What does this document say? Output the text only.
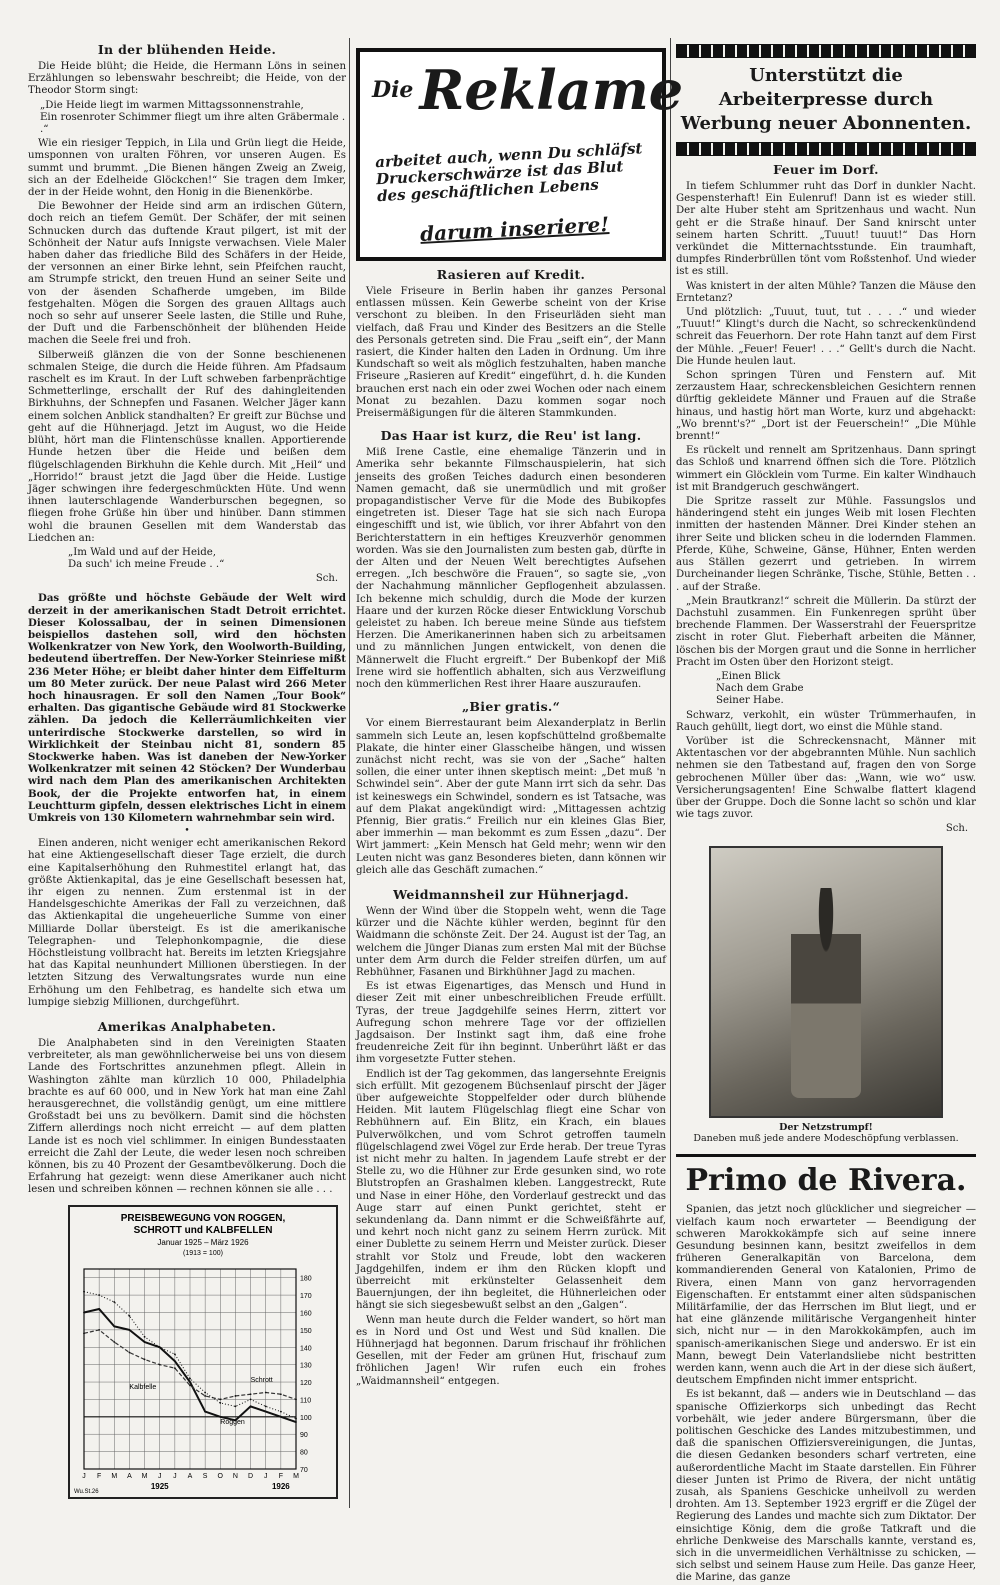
In der blühenden Heide.

Die Heide blüht; die Heide, die Hermann Löns in seinen Erzählungen so lebenswahr beschreibt; die Heide, von der Theodor Storm singt:

„Die Heide liegt im warmen Mittagssonnenstrahle,
Ein rosenroter Schimmer fliegt um ihre alten Gräbermale . .“

Wie ein riesiger Teppich, in Lila und Grün liegt die Heide, umsponnen von uralten Föhren, vor unseren Augen. Es summt und brummt. „Die Bienen hängen Zweig an Zweig, sich an der Edelheide Glöckchen!“ Sie tragen dem Imker, der in der Heide wohnt, den Honig in die Bienenkörbe.

Die Bewohner der Heide sind arm an irdischen Gütern, doch reich an tiefem Gemüt. Der Schäfer, der mit seinen Schnucken durch das duftende Kraut pilgert, ist mit der Schönheit der Natur aufs Innigste verwachsen. Viele Maler haben daher das friedliche Bild des Schäfers in der Heide, der versonnen an einer Birke lehnt, sein Pfeifchen raucht, am Strumpfe strickt, den treuen Hund an seiner Seite und von der äsenden Schafherde umgeben, im Bilde festgehalten. Mögen die Sorgen des grauen Alltags auch noch so sehr auf unserer Seele lasten, die Stille und Ruhe, der Duft und die Farbenschönheit der blühenden Heide machen die Seele frei und froh.

Silberweiß glänzen die von der Sonne beschienenen schmalen Steige, die durch die Heide führen. Am Pfadsaum raschelt es im Kraut. In der Luft schweben farbenprächtige Schmetterlinge, erschallt der Ruf des dahingleitenden Birkhuhns, der Schnepfen und Fasanen. Welcher Jäger kann einem solchen Anblick standhalten? Er greift zur Büchse und geht auf die Hühnerjagd. Jetzt im August, wo die Heide blüht, hört man die Flintenschüsse knallen. Apportierende Hunde hetzen über die Heide und beißen dem flügelschlagenden Birkhuhn die Kehle durch. Mit „Heil“ und „Horrido!“ braust jetzt die Jagd über die Heide. Lustige Jäger schwingen ihre federgeschmückten Hüte. Und wenn ihnen lauterschlagende Wanderburschen begegnen, so fliegen frohe Grüße hin über und hinüber. Dann stimmen wohl die braunen Gesellen mit dem Wanderstab das Liedchen an:

„Im Wald und auf der Heide,
Da such' ich meine Freude . .“
Sch.

Das größte und höchste Gebäude der Welt wird derzeit in der amerikanischen Stadt Detroit errichtet. Dieser Kolossalbau, der in seinen Dimensionen beispiellos dastehen soll, wird den höchsten Wolkenkratzer von New York, den Woolworth-Building, bedeutend übertreffen. Der New-Yorker Steinriese mißt 236 Meter Höhe; er bleibt daher hinter dem Eiffelturm um 80 Meter zurück. Der neue Palast wird 266 Meter hoch hinausragen. Er soll den Namen „Tour Book“ erhalten. Das gigantische Gebäude wird 81 Stockwerke zählen. Da jedoch die Kellerräumlichkeiten vier unterirdische Stockwerke darstellen, so wird in Wirklichkeit der Steinbau nicht 81, sondern 85 Stockwerke haben. Was ist daneben der New-Yorker Wolkenkratzer mit seinen 42 Stöcken? Der Wunderbau wird nach dem Plan des amerikanischen Architekten Book, der die Projekte entworfen hat, in einem Leuchtturm gipfeln, dessen elektrisches Licht in einem Umkreis von 130 Kilometern wahrnehmbar sein wird.

•

Einen anderen, nicht weniger echt amerikanischen Rekord hat eine Aktiengesellschaft dieser Tage erzielt, die durch eine Kapitalserhöhung den Ruhmestitel erlangt hat, das größte Aktienkapital, das je eine Gesellschaft besessen hat, ihr eigen zu nennen. Zum erstenmal ist in der Handelsgeschichte Amerikas der Fall zu verzeichnen, daß das Aktienkapital die ungeheuerliche Summe von einer Milliarde Dollar übersteigt. Es ist die amerikanische Telegraphen- und Telephonkompagnie, die diese Höchstleistung vollbracht hat. Bereits im letzten Kriegsjahre hat das Kapital neunhundert Millionen überstiegen. In der letzten Sitzung des Verwaltungsrates wurde nun eine Erhöhung um den Fehlbetrag, es handelte sich etwa um lumpige siebzig Millionen, durchgeführt.

Amerikas Analphabeten.

Die Analphabeten sind in den Vereinigten Staaten verbreiteter, als man gewöhnlicherweise bei uns von diesem Lande des Fortschrittes anzunehmen pflegt. Allein in Washington zählte man kürzlich 10 000, Philadelphia brachte es auf 60 000, und in New York hat man eine Zahl herausgerechnet, die vollständig genügt, um eine mittlere Großstadt bei uns zu bevölkern. Damit sind die höchsten Ziffern allerdings noch nicht erreicht — auf dem platten Lande ist es noch viel schlimmer. In einigen Bundesstaaten erreicht die Zahl der Leute, die weder lesen noch schreiben können, bis zu 40 Prozent der Gesamtbevölkerung. Doch die Erfahrung hat gezeigt: wenn diese Amerikaner auch nicht lesen und schreiben können — rechnen können sie alle . . .

PREISBEWEGUNG VON ROGGEN,
SCHROTT und KALBFELLEN
Januar 1925 – März 1926
(1913 = 100)
70
80
90
100
110
120
130
140
150
160
170
180
J F M A M J J A S O N D J F M
1925	1926
Wu.St.26
Schrott
Kalbfelle
Roggen
$^{Die}$ Reklame
arbeitet auch, wenn Du schläfst Druckerschwärze ist das Blut des geschäftlichen Lebens
darum inseriere!
Rasieren auf Kredit.

Viele Friseure in Berlin haben ihr ganzes Personal entlassen müssen. Kein Gewerbe scheint von der Krise verschont zu bleiben. In den Friseurläden sieht man vielfach, daß Frau und Kinder des Besitzers an die Stelle des Personals getreten sind. Die Frau „seift ein“, der Mann rasiert, die Kinder halten den Laden in Ordnung. Um ihre Kundschaft so weit als möglich festzuhalten, haben manche Friseure „Rasieren auf Kredit“ eingeführt, d. h. die Kunden brauchen erst nach ein oder zwei Wochen oder nach einem Monat zu bezahlen. Dazu kommen sogar noch Preisermäßigungen für die älteren Stammkunden.

Das Haar ist kurz, die Reu' ist lang.

Miß Irene Castle, eine ehemalige Tänzerin und in Amerika sehr bekannte Filmschauspielerin, hat sich jenseits des großen Teiches dadurch einen besonderen Namen gemacht, daß sie unermüdlich und mit großer propagandistischer Verve für die Mode des Bubikopfes eingetreten ist. Dieser Tage hat sie sich nach Europa eingeschifft und ist, wie üblich, vor ihrer Abfahrt von den Berichterstattern in ein heftiges Kreuzverhör genommen worden. Was sie den Journalisten zum besten gab, dürfte in der Alten und der Neuen Welt berechtigtes Aufsehen erregen. „Ich beschwöre die Frauen“, so sagte sie, „von der Nachahmung männlicher Gepflogenheit abzulassen. Ich bekenne mich schuldig, durch die Mode der kurzen Haare und der kurzen Röcke dieser Entwicklung Vorschub geleistet zu haben. Ich bereue meine Sünde aus tiefstem Herzen. Die Amerikanerinnen haben sich zu arbeitsamen und zu männlichen Jungen entwickelt, von denen die Männerwelt die Flucht ergreift.“ Der Bubenkopf der Miß Irene wird sie hoffentlich abhalten, sich aus Verzweiflung noch den kümmerlichen Rest ihrer Haare auszuraufen.

„Bier gratis.“

Vor einem Bierrestaurant beim Alexanderplatz in Berlin sammeln sich Leute an, lesen kopfschüttelnd großbemalte Plakate, die hinter einer Glasscheibe hängen, und wissen zunächst nicht recht, was sie von der „Sache“ halten sollen, die einer unter ihnen skeptisch meint: „Det muß 'n Schwindel sein“. Aber der gute Mann irrt sich da sehr. Das ist keineswegs ein Schwindel, sondern es ist Tatsache, was auf dem Plakat angekündigt wird: „Mittagessen achtzig Pfennig, Bier gratis.“ Freilich nur ein kleines Glas Bier, aber immerhin — man bekommt es zum Essen „dazu“. Der Wirt jammert: „Kein Mensch hat Geld mehr; wenn wir den Leuten nicht was ganz Besonderes bieten, dann können wir gleich alle das Geschäft zumachen.“

Weidmannsheil zur Hühnerjagd.

Wenn der Wind über die Stoppeln weht, wenn die Tage kürzer und die Nächte kühler werden, beginnt für den Waidmann die schönste Zeit. Der 24. August ist der Tag, an welchem die Jünger Dianas zum ersten Mal mit der Büchse unter dem Arm durch die Felder streifen dürfen, um auf Rebhühner, Fasanen und Birkhühner Jagd zu machen.

Es ist etwas Eigenartiges, das Mensch und Hund in dieser Zeit mit einer unbeschreiblichen Freude erfüllt. Tyras, der treue Jagdgehilfe seines Herrn, zittert vor Aufregung schon mehrere Tage vor der offiziellen Jagdsaison. Der Instinkt sagt ihm, daß eine frohe freudenreiche Zeit für ihn beginnt. Unberührt läßt er das ihm vorgesetzte Futter stehen.

Endlich ist der Tag gekommen, das langersehnte Ereignis sich erfüllt. Mit gezogenem Büchsenlauf pirscht der Jäger über aufgeweichte Stoppelfelder oder durch blühende Heiden. Mit lautem Flügelschlag fliegt eine Schar von Rebhühnern auf. Ein Blitz, ein Krach, ein blaues Pulverwölkchen, und vom Schrot getroffen taumeln flügelschlagend zwei Vögel zur Erde herab. Der treue Tyras ist nicht mehr zu halten. In jagendem Laufe strebt er der Stelle zu, wo die Hühner zur Erde gesunken sind, wo rote Blutstropfen an Grashalmen kleben. Langgestreckt, Rute und Nase in einer Höhe, den Vorderlauf gestreckt und das Auge starr auf einen Punkt gerichtet, steht er sekundenlang da. Dann nimmt er die Schweißfährte auf, und kehrt noch nicht ganz zu seinem Herrn zurück. Mit einer Dublette zu seinem Herrn und Meister zurück. Dieser strahlt vor Stolz und Freude, lobt den wackeren Jagdgehilfen, indem er ihm den Rücken klopft und überreicht mit erkünstelter Gelassenheit dem Bauernjungen, der ihn begleitet, die Hühnerleichen oder hängt sie sich siegesbewußt selbst an den „Galgen“.

Wenn man heute durch die Felder wandert, so hört man es in Nord und Ost und West und Süd knallen. Die Hühnerjagd hat begonnen. Darum frischauf ihr fröhlichen Gesellen, mit der Feder am grünen Hut, frischauf zum fröhlichen Jagen! Wir rufen euch ein frohes „Waidmannsheil“ entgegen.

Unterstützt die Arbeiterpresse durch Werbung neuer Abonnenten.
Feuer im Dorf.

In tiefem Schlummer ruht das Dorf in dunkler Nacht. Gespensterhaft! Ein Eulenruf! Dann ist es wieder still. Der alte Huber steht am Spritzenhaus und wacht. Nun geht er die Straße hinauf. Der Sand knirscht unter seinem harten Schritt. „Tuuut! tuuut!“ Das Horn verkündet die Mitternachtsstunde. Ein traumhaft, dumpfes Rinderbrüllen tönt vom Roßstenhof. Und wieder ist es still.

Was knistert in der alten Mühle? Tanzen die Mäuse den Erntetanz?

Und plötzlich: „Tuuut, tuut, tut . . . .“ und wieder „Tuuut!“ Klingt's durch die Nacht, so schreckenkündend schreit das Feuerhorn. Der rote Hahn tanzt auf dem First der Mühle. „Feuer! Feuer! . . .“ Gellt's durch die Nacht. Die Hunde heulen laut.

Schon springen Türen und Fenstern auf. Mit zerzaustem Haar, schreckensbleichen Gesichtern rennen dürftig gekleidete Männer und Frauen auf die Straße hinaus, und hastig hört man Worte, kurz und abgehackt: „Wo brennt's?“ „Dort ist der Feuerschein!“ „Die Mühle brennt!“

Es rückelt und rennelt am Spritzenhaus. Dann springt das Schloß und knarrend öffnen sich die Tore. Plötzlich wimmert ein Glöcklein vom Turme. Ein kalter Windhauch ist mit Brandgeruch geschwängert.

Die Spritze rasselt zur Mühle. Fassungslos und händeringend steht ein junges Weib mit losen Flechten inmitten der hastenden Männer. Drei Kinder stehen an ihrer Seite und blicken scheu in die lodernden Flammen. Pferde, Kühe, Schweine, Gänse, Hühner, Enten werden aus Ställen gezerrt und getrieben. In wirrem Durcheinander liegen Schränke, Tische, Stühle, Betten . . . auf der Straße.

„Mein Brautkranz!“ schreit die Müllerin. Da stürzt der Dachstuhl zusammen. Ein Funkenregen sprüht über brechende Flammen. Der Wasserstrahl der Feuerspritze zischt in roter Glut. Fieberhaft arbeiten die Männer, löschen bis der Morgen graut und die Sonne in herrlicher Pracht im Osten über den Horizont steigt.

„Einen Blick
Nach dem Grabe
Seiner Habe.

Schwarz, verkohlt, ein wüster Trümmerhaufen, in Rauch gehüllt, liegt dort, wo einst die Mühle stand.

Vorüber ist die Schreckensnacht, Männer mit Aktentaschen vor der abgebrannten Mühle. Nun sachlich nehmen sie den Tatbestand auf, fragen den von Sorge gebrochenen Müller über das: „Wann, wie wo“ usw. Versicherungsagenten! Eine Schwalbe flattert klagend über der Gruppe. Doch die Sonne lacht so schön und klar wie tags zuvor.

Sch.
Der Netzstrumpf!
Daneben muß jede andere Modeschöpfung verblassen.
Primo de Rivera.

Spanien, das jetzt noch glücklicher und siegreicher — vielfach kaum noch erwarteter — Beendigung der schweren Marokkokämpfe sich auf seine innere Gesundung besinnen kann, besitzt zweifellos in dem früheren Generalkapitän von Barcelona, dem kommandierenden General von Katalonien, Primo de Rivera, einen Mann von ganz hervorragenden Eigenschaften. Er entstammt einer alten südspanischen Militärfamilie, der das Herrschen im Blut liegt, und er hat eine glänzende militärische Vergangenheit hinter sich, nicht nur — in den Marokkokämpfen, auch im spanisch-amerikanischen Siege und anderswo. Er ist ein Mann, bewegt Dein Vaterlandsliebe nicht bestritten werden kann, wenn auch die Art in der diese sich äußert, deutschem Empfinden nicht immer entspricht.

Es ist bekannt, daß — anders wie in Deutschland — das spanische Offizierkorps sich unbedingt das Recht vorbehält, wie jeder andere Bürgersmann, über die politischen Geschicke des Landes mitzubestimmen, und daß die spanischen Offiziersvereinigungen, die Juntas, die diesen Gedanken besonders scharf vertreten, eine außerordentliche Macht im Staate darstellen. Ein Führer dieser Junten ist Primo de Rivera, der nicht untätig zusah, als Spaniens Geschicke unheilvoll zu werden drohten. Am 13. September 1923 ergriff er die Zügel der Regierung des Landes und machte sich zum Diktator. Der einsichtige König, dem die große Tatkraft und die ehrliche Denkweise des Marschalls kannte, verstand es, sich in die unvermeidlichen Verhältnisse zu schicken, — sich selbst und seinem Hause zum Heile. Das ganze Heer, die Marine, das ganze
